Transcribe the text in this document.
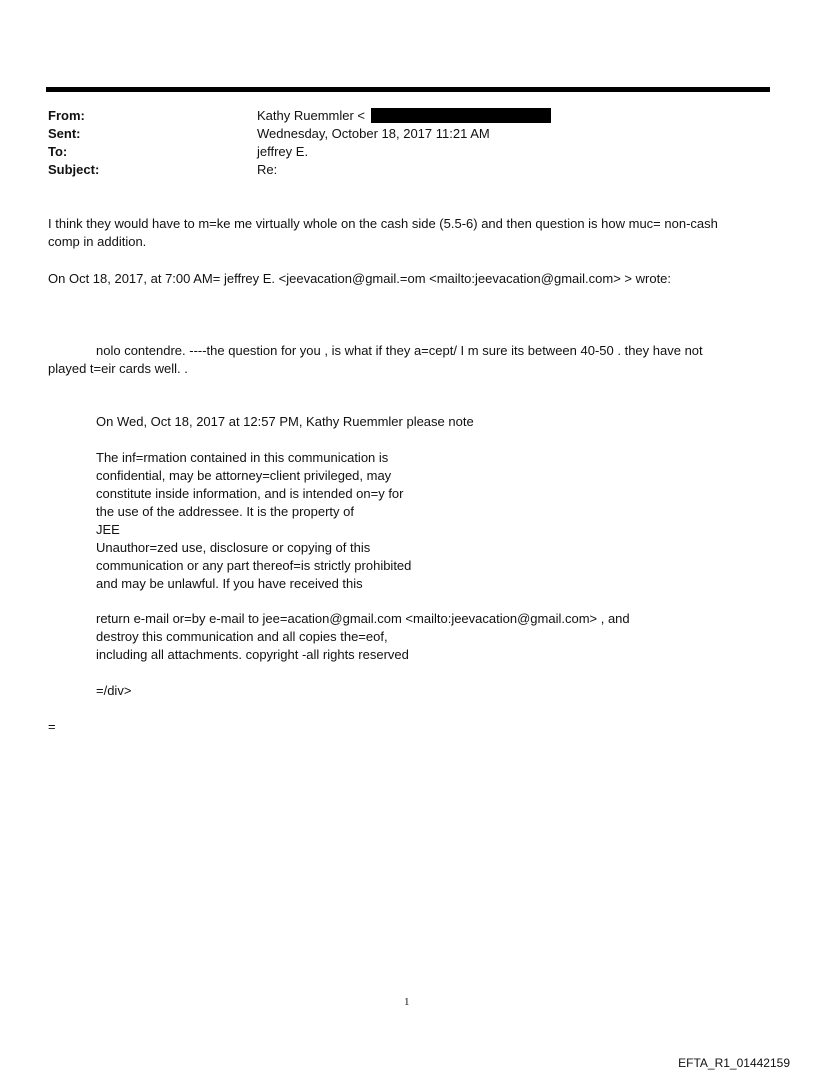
From:	Kathy Ruemmler <
Sent:	Wednesday, October 18, 2017 11:21 AM
To:	jeffrey E.
Subject:	Re:
I think they would have to m=ke me virtually whole on the cash side (5.5-6) and then question is how muc= non-cash
comp in addition.
On Oct 18, 2017, at 7:00 AM= jeffrey E. <jeevacation@gmail.=om <mailto:jeevacation@gmail.com> > wrote:
nolo contendre. ----the question for you , is what if they a=cept/ I m sure its between 40-50 . they have not
played t=eir cards well. .
On Wed, Oct 18, 2017 at 12:57 PM, Kathy Ruemmler please note
The inf=rmation contained in this communication is
confidential, may be attorney=client privileged, may
constitute inside information, and is intended on=y for
the use of the addressee. It is the property of
JEE
Unauthor=zed use, disclosure or copying of this
communication or any part thereof=is strictly prohibited
and may be unlawful. If you have received this
return e-mail or=by e-mail to jee=acation@gmail.com <mailto:jeevacation@gmail.com> , and
destroy this communication and all copies the=eof,
including all attachments. copyright -all rights reserved
=/div>
=
1
EFTA_R1_01442159
